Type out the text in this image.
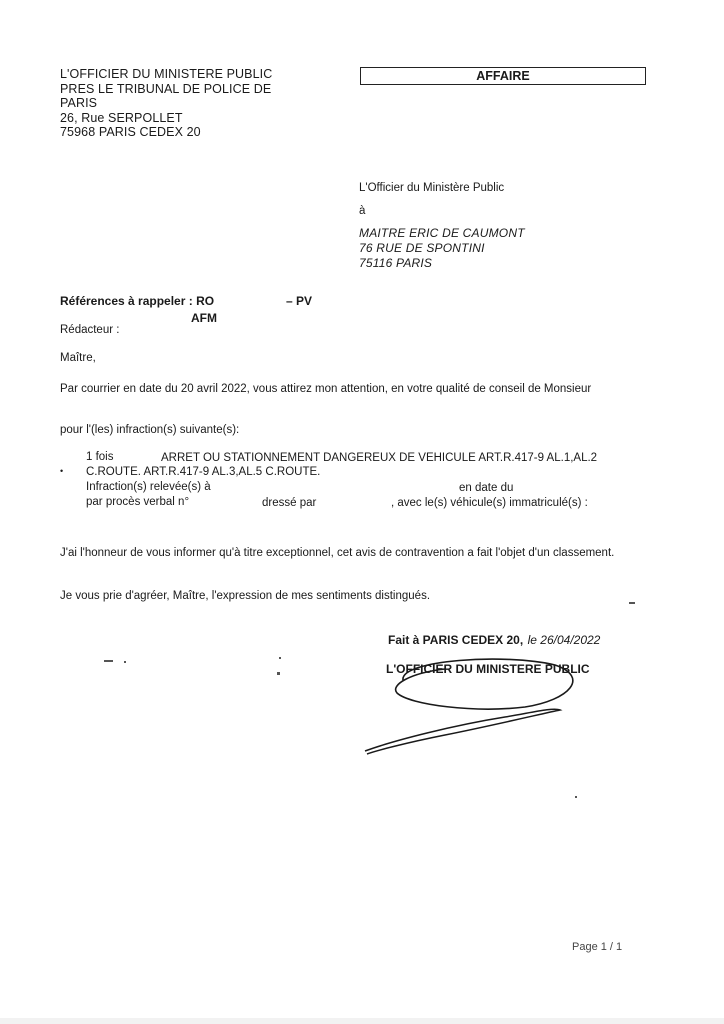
L'OFFICIER DU MINISTERE PUBLIC
PRES LE TRIBUNAL DE POLICE DE
PARIS
26, Rue SERPOLLET
75968 PARIS CEDEX 20
AFFAIRE
L'Officier du Ministère Public
à
MAITRE ERIC DE CAUMONT
76 RUE DE SPONTINI
75116 PARIS
Références à rappeler : RO	– PV
AFM
Rédacteur :
Maître,
Par courrier en date du 20 avril 2022, vous attirez mon attention, en votre qualité de conseil de Monsieur
pour l'(les) infraction(s) suivante(s):
1 fois	ARRET OU STATIONNEMENT DANGEREUX DE VEHICULE ART.R.417-9 AL.1,AL.2
• C.ROUTE. ART.R.417-9 AL.3,AL.5 C.ROUTE.
Infraction(s) relevée(s) à	en date du
par procès verbal n°	dressé par	, avec le(s) véhicule(s) immatriculé(s) :
J'ai l'honneur de vous informer qu'à titre exceptionnel, cet avis de contravention a fait l'objet d'un classement.
Je vous prie d'agréer, Maître, l'expression de mes sentiments distingués.
Fait à PARIS CEDEX 20, le 26/04/2022
L'OFFICIER DU MINISTERE PUBLIC
Page 1 / 1
